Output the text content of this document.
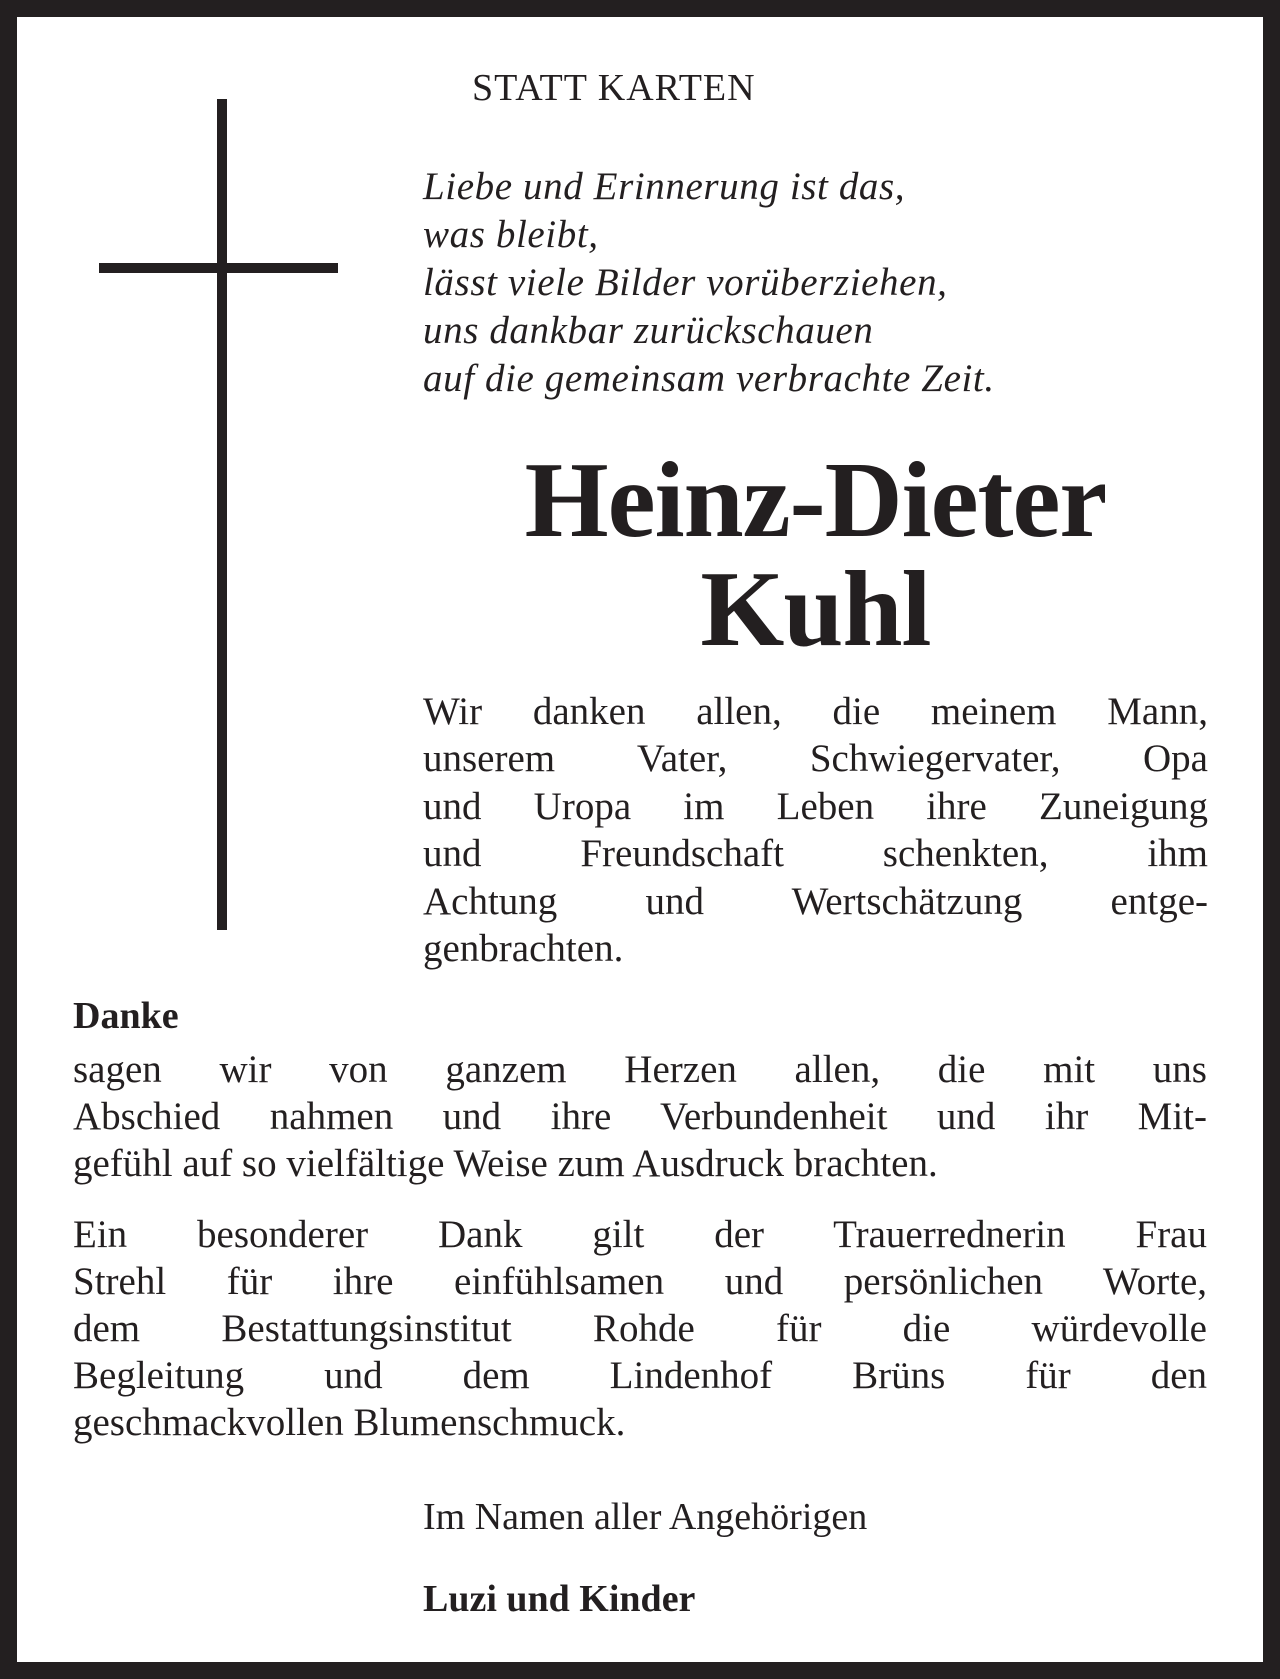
STATT KARTEN
Liebe und Erinnerung ist das,
was bleibt,
lässt viele Bilder vorüberziehen,
uns dankbar zurückschauen
auf die gemeinsam verbrachte Zeit.
Heinz-Dieter
Kuhl
Wir danken allen, die meinem Mann,
unserem Vater, Schwiegervater, Opa
und Uropa im Leben ihre Zuneigung
und Freundschaft schenkten, ihm
Achtung und Wertschätzung entge-
genbrachten.
Danke
sagen wir von ganzem Herzen allen, die mit uns
Abschied nahmen und ihre Verbundenheit und ihr Mit-
gefühl auf so vielfältige Weise zum Ausdruck brachten.
Ein besonderer Dank gilt der Trauerrednerin Frau
Strehl für ihre einfühlsamen und persönlichen Worte,
dem Bestattungsinstitut Rohde für die würdevolle
Begleitung und dem Lindenhof Brüns für den
geschmackvollen Blumenschmuck.
Im Namen aller Angehörigen
Luzi und Kinder
